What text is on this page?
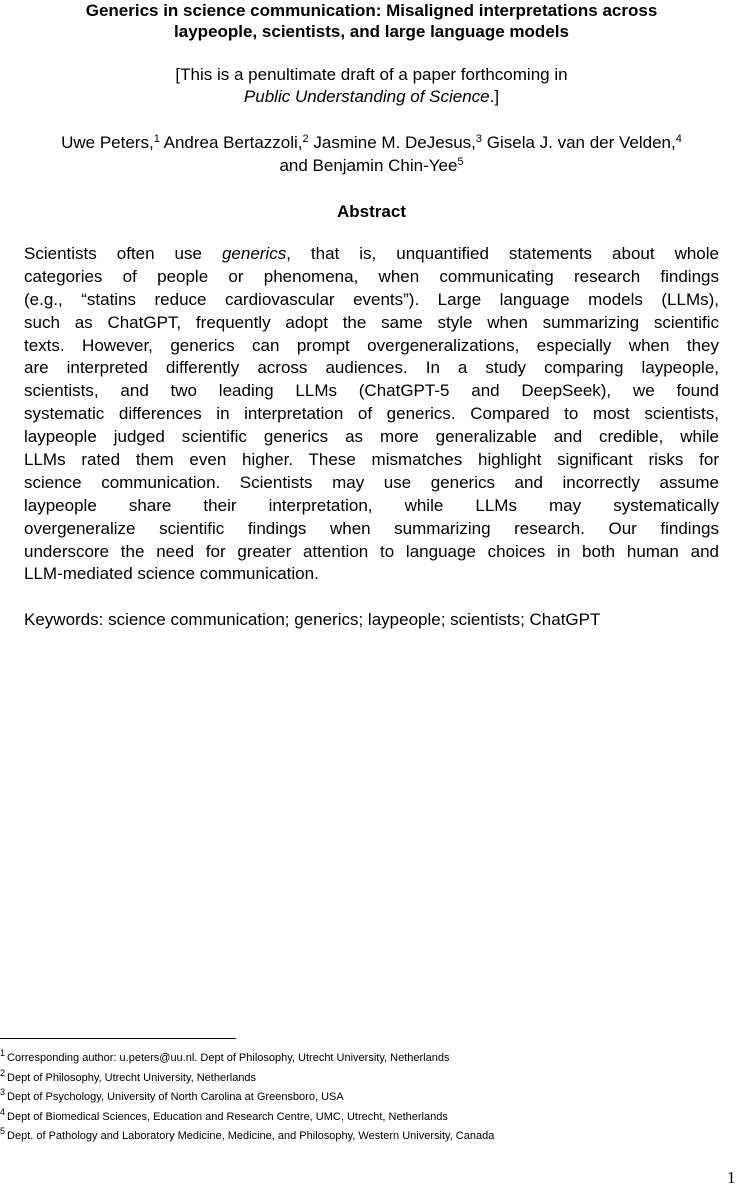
Generics in science communication: Misaligned interpretations across
laypeople, scientists, and large language models
[This is a penultimate draft of a paper forthcoming in
Public Understanding of Science.]
Uwe Peters,$^1$ Andrea Bertazzoli,$^2$ Jasmine M. DeJesus,$^3$ Gisela J. van der Velden,$^4$
and Benjamin Chin-Yee$^5$
Abstract
Scientists often use generics, that is, unquantified statements about whole
categories of people or phenomena, when communicating research findings
(e.g., “statins reduce cardiovascular events”). Large language models (LLMs),
such as ChatGPT, frequently adopt the same style when summarizing scientific
texts. However, generics can prompt overgeneralizations, especially when they
are interpreted differently across audiences. In a study comparing laypeople,
scientists, and two leading LLMs (ChatGPT-5 and DeepSeek), we found
systematic differences in interpretation of generics. Compared to most scientists,
laypeople judged scientific generics as more generalizable and credible, while
LLMs rated them even higher. These mismatches highlight significant risks for
science communication. Scientists may use generics and incorrectly assume
laypeople share their interpretation, while LLMs may systematically
overgeneralize scientific findings when summarizing research. Our findings
underscore the need for greater attention to language choices in both human and
LLM-mediated science communication.
Keywords: science communication; generics; laypeople; scientists; ChatGPT
$^1$ Corresponding author: u.peters@uu.nl. Dept of Philosophy, Utrecht University, Netherlands
$^2$ Dept of Philosophy, Utrecht University, Netherlands
$^3$ Dept of Psychology, University of North Carolina at Greensboro, USA
$^4$ Dept of Biomedical Sciences, Education and Research Centre, UMC, Utrecht, Netherlands
$^5$ Dept. of Pathology and Laboratory Medicine, Medicine, and Philosophy, Western University, Canada
1
